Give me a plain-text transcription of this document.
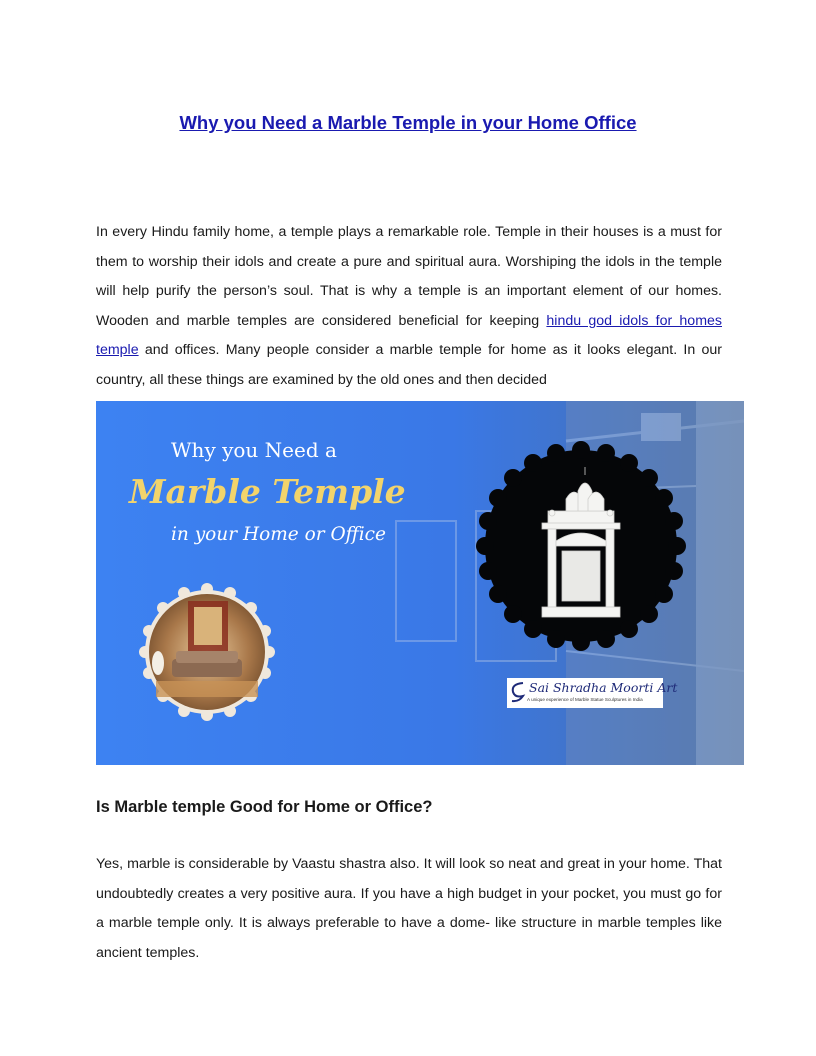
Why you Need a Marble Temple in your Home Office

In every Hindu family home, a temple plays a remarkable role. Temple in their houses is a must for them to worship their idols and create a pure and spiritual aura. Worshiping the idols in the temple will help purify the person’s soul. That is why a temple is an important element of our homes. Wooden and marble temples are considered beneficial for keeping hindu god idols for homes temple and offices. Many people consider a marble temple for home as it looks elegant. In our country, all these things are examined by the old ones and then decided

Why you Need a
Marble Temple
in your Home or Office
Sai Shradha Moorti Art
A unique experience of Marble Statue Sculptures in India
Is Marble temple Good for Home or Office?

Yes, marble is considerable by Vaastu shastra also. It will look so neat and great in your home. That undoubtedly creates a very positive aura. If you have a high budget in your pocket, you must go for a marble temple only. It is always preferable to have a dome- like structure in marble temples like ancient temples.
